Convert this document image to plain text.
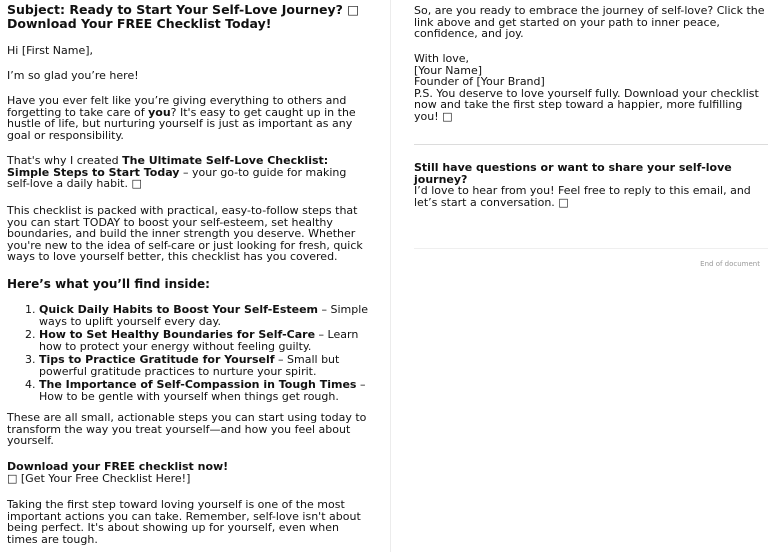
Subject: Ready to Start Your Self-Love Journey? □
Download Your FREE Checklist Today!

Hi [First Name],

I’m so glad you’re here!

Have you ever felt like you’re giving everything to others and forgetting to take care of you? It's easy to get caught up in the hustle of life, but nurturing yourself is just as important as any goal or responsibility.

That's why I created The Ultimate Self-Love Checklist: Simple Steps to Start Today – your go-to guide for making self-love a daily habit. □

This checklist is packed with practical, easy-to-follow steps that you can start TODAY to boost your self-esteem, set healthy boundaries, and build the inner strength you deserve. Whether you're new to the idea of self-care or just looking for fresh, quick ways to love yourself better, this checklist has you covered.

Here’s what you’ll find inside:
1. Quick Daily Habits to Boost Your Self-Esteem – Simple ways to uplift yourself every day.
2. How to Set Healthy Boundaries for Self-Care – Learn how to protect your energy without feeling guilty.
3. Tips to Practice Gratitude for Yourself – Small but powerful gratitude practices to nurture your spirit.
4. The Importance of Self-Compassion in Tough Times – How to be gentle with yourself when things get rough.

These are all small, actionable steps you can start using today to transform the way you treat yourself—and how you feel about yourself.

Download your FREE checklist now!
□ [Get Your Free Checklist Here!]

Taking the first step toward loving yourself is one of the most important actions you can take. Remember, self-love isn't about being perfect. It's about showing up for yourself, even when times are tough.

So, are you ready to embrace the journey of self-love? Click the link above and get started on your path to inner peace, confidence, and joy.

With love,
[Your Name]
Founder of [Your Brand]
P.S. You deserve to love yourself fully. Download your checklist now and take the first step toward a happier, more fulfilling you! □
Still have questions or want to share your self-love journey?
I’d love to hear from you! Feel free to reply to this email, and let’s start a conversation. □
End of document
